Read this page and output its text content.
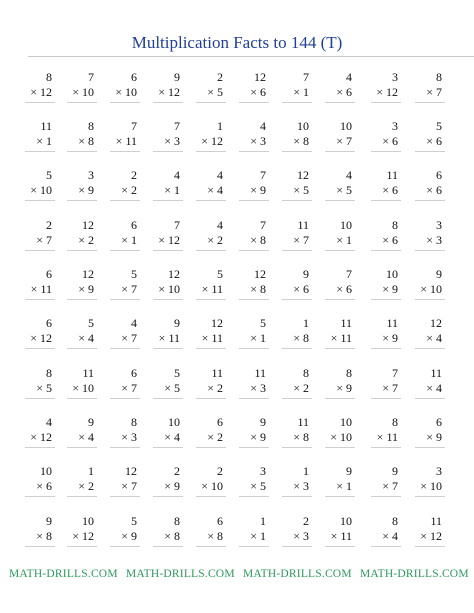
Multiplication Facts to 144 (T)
8
× 12
7
× 10
6
× 10
9
× 12
2
× 5
12
× 6
7
× 1
4
× 6
3
× 12
8
× 7
11
× 1
8
× 8
7
× 11
7
× 3
1
× 12
4
× 3
10
× 8
10
× 7
3
× 6
5
× 6
5
× 10
3
× 9
2
× 2
4
× 1
4
× 4
7
× 9
12
× 5
4
× 5
11
× 6
6
× 6
2
× 7
12
× 2
6
× 1
7
× 12
4
× 2
7
× 8
11
× 7
10
× 1
8
× 6
3
× 3
6
× 11
12
× 9
5
× 7
12
× 10
5
× 11
12
× 8
9
× 6
7
× 6
10
× 9
9
× 10
6
× 12
5
× 4
4
× 7
9
× 11
12
× 11
5
× 1
1
× 8
11
× 11
11
× 9
12
× 4
8
× 5
11
× 10
6
× 7
5
× 5
11
× 2
11
× 3
8
× 2
8
× 9
7
× 7
11
× 4
4
× 12
9
× 4
8
× 3
10
× 4
6
× 2
9
× 9
11
× 8
10
× 10
8
× 11
6
× 9
10
× 6
1
× 2
12
× 7
2
× 9
2
× 10
3
× 5
1
× 3
9
× 1
9
× 7
3
× 10
9
× 8
10
× 12
5
× 9
8
× 8
6
× 8
1
× 1
2
× 3
10
× 11
8
× 4
11
× 12
MATH-DRILLS.COM MATH-DRILLS.COM MATH-DRILLS.COM MATH-DRILLS.COM
